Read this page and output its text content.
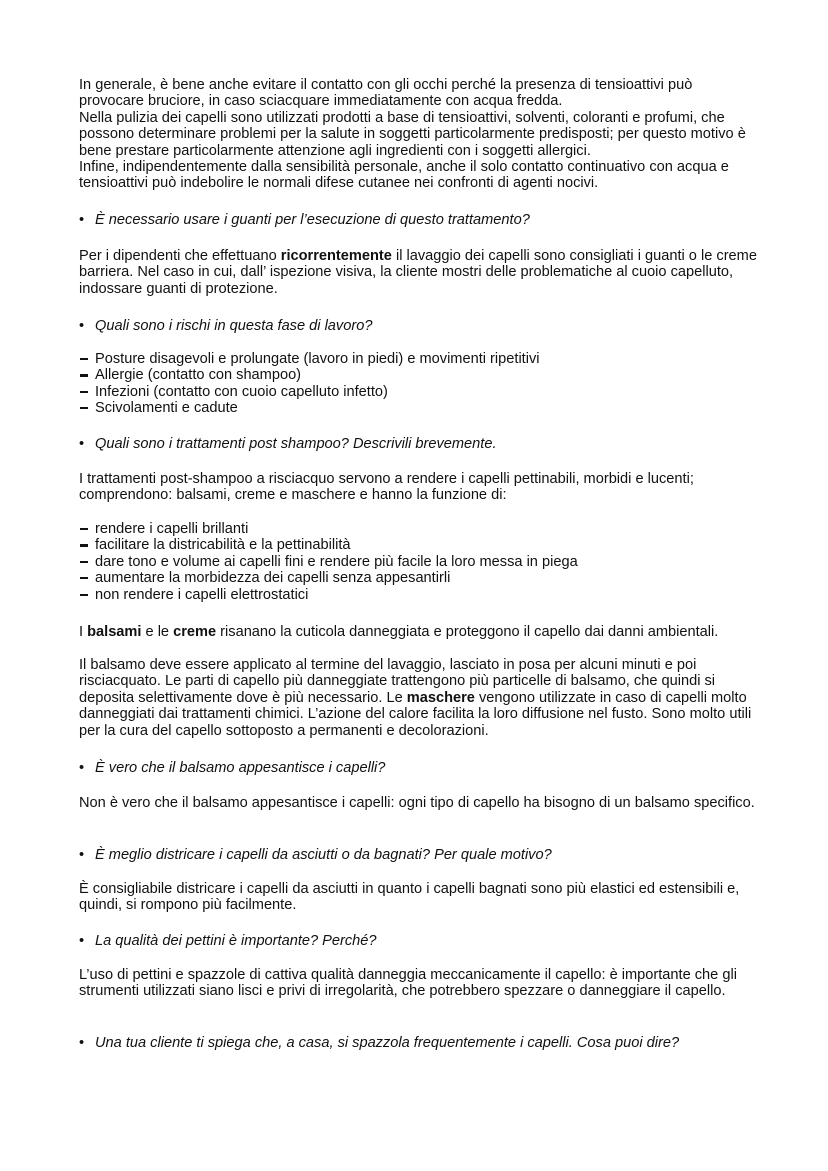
In generale, è bene anche evitare il contatto con gli occhi perché la presenza di tensioattivi può provocare bruciore, in caso sciacquare immediatamente con acqua fredda.

Nella pulizia dei capelli sono utilizzati prodotti a base di tensioattivi, solventi, coloranti e profumi, che possono determinare problemi per la salute in soggetti particolarmente predisposti; per questo motivo è bene prestare particolarmente attenzione agli ingredienti con i soggetti allergici.

Infine, indipendentemente dalla sensibilità personale, anche il solo contatto continuativo con acqua e tensioattivi può indebolire le normali difese cutanee nei confronti di agenti nocivi.

• È necessario usare i guanti per l’esecuzione di questo trattamento?

Per i dipendenti che effettuano ricorrentemente il lavaggio dei capelli sono consigliati i guanti o le creme barriera. Nel caso in cui, dall’ ispezione visiva, la cliente mostri delle problematiche al cuoio capelluto, indossare guanti di protezione.

• Quali sono i rischi in questa fase di lavoro?
Posture disagevoli e prolungate (lavoro in piedi) e movimenti ripetitivi
Allergie (contatto con shampoo)
Infezioni (contatto con cuoio capelluto infetto)
Scivolamenti e cadute
• Quali sono i trattamenti post shampoo? Descrivili brevemente.

I trattamenti post-shampoo a risciacquo servono a rendere i capelli pettinabili, morbidi e lucenti; comprendono: balsami, creme e maschere e hanno la funzione di:

rendere i capelli brillanti
facilitare la districabilità e la pettinabilità
dare tono e volume ai capelli fini e rendere più facile la loro messa in piega
aumentare la morbidezza dei capelli senza appesantirli
non rendere i capelli elettrostatici

I balsami e le creme risanano la cuticola danneggiata e proteggono il capello dai danni ambientali.

Il balsamo deve essere applicato al termine del lavaggio, lasciato in posa per alcuni minuti e poi risciacquato. Le parti di capello più danneggiate trattengono più particelle di balsamo, che quindi si deposita selettivamente dove è più necessario. Le maschere vengono utilizzate in caso di capelli molto danneggiati dai trattamenti chimici. L’azione del calore facilita la loro diffusione nel fusto. Sono molto utili per la cura del capello sottoposto a permanenti e decolorazioni.

• È vero che il balsamo appesantisce i capelli?

Non è vero che il balsamo appesantisce i capelli: ogni tipo di capello ha bisogno di un balsamo specifico.

• È meglio districare i capelli da asciutti o da bagnati? Per quale motivo?

È consigliabile districare i capelli da asciutti in quanto i capelli bagnati sono più elastici ed estensibili e, quindi, si rompono più facilmente.

• La qualità dei pettini è importante? Perché?

L’uso di pettini e spazzole di cattiva qualità danneggia meccanicamente il capello: è importante che gli strumenti utilizzati siano lisci e privi di irregolarità, che potrebbero spezzare o danneggiare il capello.

• Una tua cliente ti spiega che, a casa, si spazzola frequentemente i capelli. Cosa puoi dire?
